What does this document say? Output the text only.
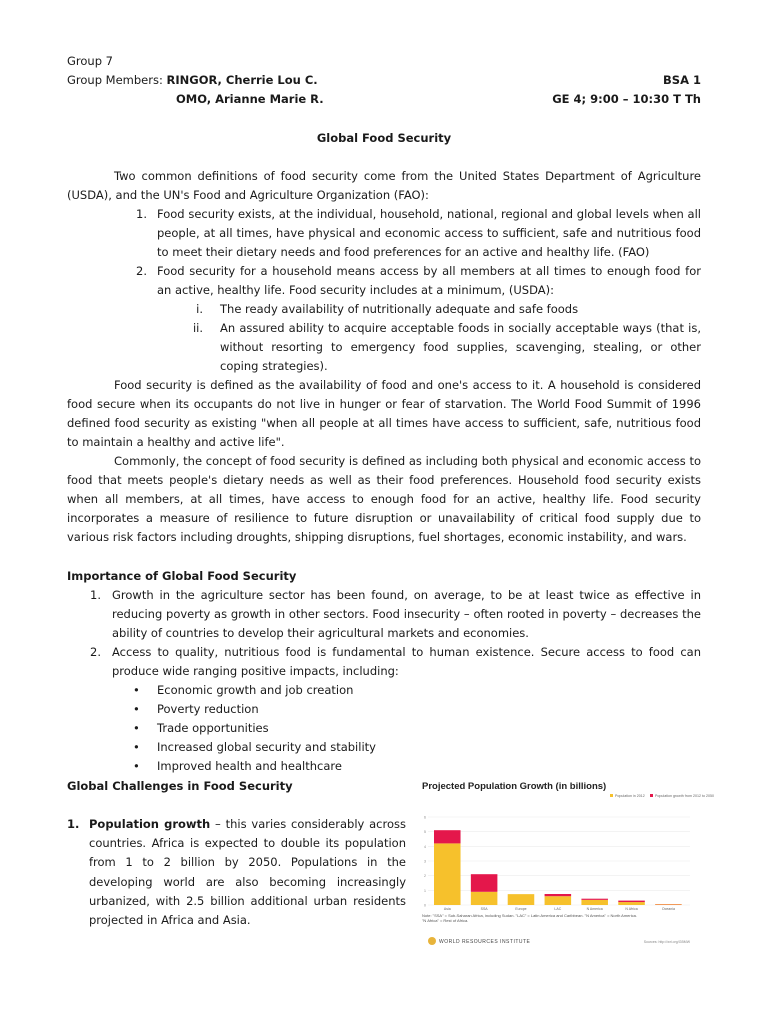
Group 7
Group Members: RINGOR, Cherrie Lou C.	BSA 1
OMO, Arianne Marie R.	GE 4; 9:00 – 10:30 T Th
Global Food Security

Two common definitions of food security come from the United States Department of Agriculture (USDA), and the UN's Food and Agriculture Organization (FAO):

1. Food security exists, at the individual, household, national, regional and global levels when all people, at all times, have physical and economic access to sufficient, safe and nutritious food to meet their dietary needs and food preferences for an active and healthy life. (FAO)
2. Food security for a household means access by all members at all times to enough food for an active, healthy life. Food security includes at a minimum, (USDA):
i. The ready availability of nutritionally adequate and safe foods
ii. An assured ability to acquire acceptable foods in socially acceptable ways (that is, without resorting to emergency food supplies, scavenging, stealing, or other coping strategies).

Food security is defined as the availability of food and one's access to it. A household is considered food secure when its occupants do not live in hunger or fear of starvation. The World Food Summit of 1996 defined food security as existing "when all people at all times have access to sufficient, safe, nutritious food to maintain a healthy and active life".

Commonly, the concept of food security is defined as including both physical and economic access to food that meets people's dietary needs as well as their food preferences. Household food security exists when all members, at all times, have access to enough food for an active, healthy life. Food security incorporates a measure of resilience to future disruption or unavailability of critical food supply due to various risk factors including droughts, shipping disruptions, fuel shortages, economic instability, and wars.

Importance of Global Food Security
1. Growth in the agriculture sector has been found, on average, to be at least twice as effective in reducing poverty as growth in other sectors. Food insecurity – often rooted in poverty – decreases the ability of countries to develop their agricultural markets and economies.
2. Access to quality, nutritious food is fundamental to human existence. Secure access to food can produce wide ranging positive impacts, including:
• Economic growth and job creation
• Poverty reduction
• Trade opportunities
• Increased global security and stability
• Improved health and healthcare
Global Challenges in Food Security
1. Population growth – this varies considerably across countries. Africa is expected to double its population from 1 to 2 billion by 2050. Populations in the developing world are also becoming increasingly urbanized, with 2.5 billion additional urban residents projected in Africa and Asia.
Projected Population Growth (in billions)
Population in 2012	Population growth from 2012 to 2050
0
1
2
3
4
5
6
Asia	SSA	Europe	LAC	N America	N Africa	Oceania
Note: "SSA" = Sub-Saharan Africa, including Sudan. "LAC" = Latin America and Caribbean. "N America" = North America. "N Africa" = Rest of Africa.
WORLD RESOURCES INSTITUTE	Sources: http://wri.org/GBMW
